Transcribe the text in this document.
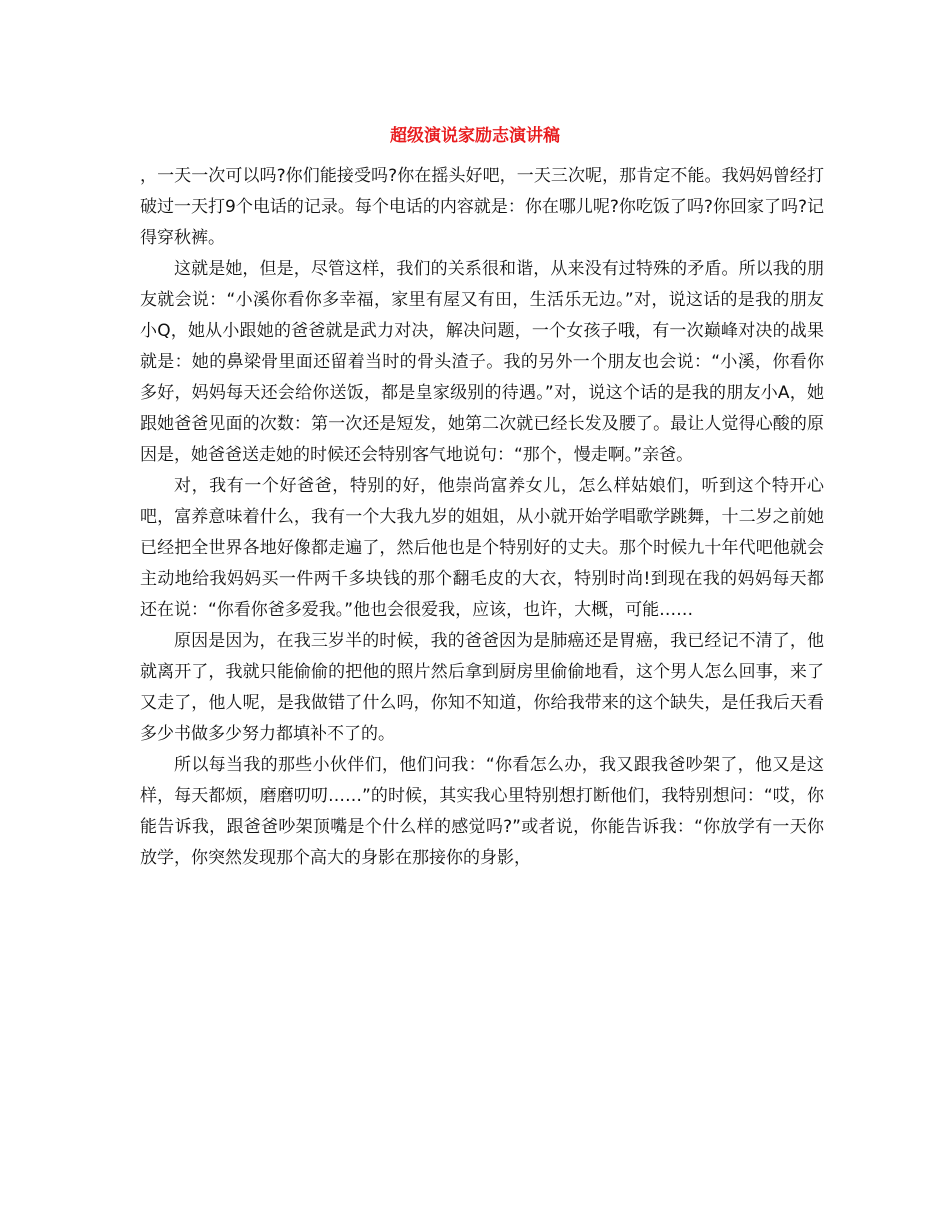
超级演说家励志演讲稿

，一天一次可以吗?你们能接受吗?你在摇头好吧，一天三次呢，那肯定不能。我妈妈曾经打破过一天打9个电话的记录。每个电话的内容就是：你在哪儿呢?你吃饭了吗?你回家了吗?记得穿秋裤。

这就是她，但是，尽管这样，我们的关系很和谐，从来没有过特殊的矛盾。所以我的朋友就会说：“小溪你看你多幸福，家里有屋又有田，生活乐无边。”对，说这话的是我的朋友小Q，她从小跟她的爸爸就是武力对决，解决问题，一个女孩子哦，有一次巅峰对决的战果就是：她的鼻梁骨里面还留着当时的骨头渣子。我的另外一个朋友也会说：“小溪，你看你多好，妈妈每天还会给你送饭，都是皇家级别的待遇。”对，说这个话的是我的朋友小A，她跟她爸爸见面的次数：第一次还是短发，她第二次就已经长发及腰了。最让人觉得心酸的原因是，她爸爸送走她的时候还会特别客气地说句：“那个，慢走啊。”亲爸。

对，我有一个好爸爸，特别的好，他崇尚富养女儿，怎么样姑娘们，听到这个特开心吧，富养意味着什么，我有一个大我九岁的姐姐，从小就开始学唱歌学跳舞，十二岁之前她已经把全世界各地好像都走遍了，然后他也是个特别好的丈夫。那个时候九十年代吧他就会主动地给我妈妈买一件两千多块钱的那个翻毛皮的大衣，特别时尚!到现在我的妈妈每天都还在说：“你看你爸多爱我。”他也会很爱我，应该，也许，大概，可能……

原因是因为，在我三岁半的时候，我的爸爸因为是肺癌还是胃癌，我已经记不清了，他就离开了，我就只能偷偷的把他的照片然后拿到厨房里偷偷地看，这个男人怎么回事，来了又走了，他人呢，是我做错了什么吗，你知不知道，你给我带来的这个缺失，是任我后天看多少书做多少努力都填补不了的。

所以每当我的那些小伙伴们，他们问我：“你看怎么办，我又跟我爸吵架了，他又是这样，每天都烦，磨磨叨叨……”的时候，其实我心里特别想打断他们，我特别想问：“哎，你能告诉我，跟爸爸吵架顶嘴是个什么样的感觉吗?”或者说，你能告诉我：“你放学有一天你放学，你突然发现那个高大的身影在那接你的身影，
